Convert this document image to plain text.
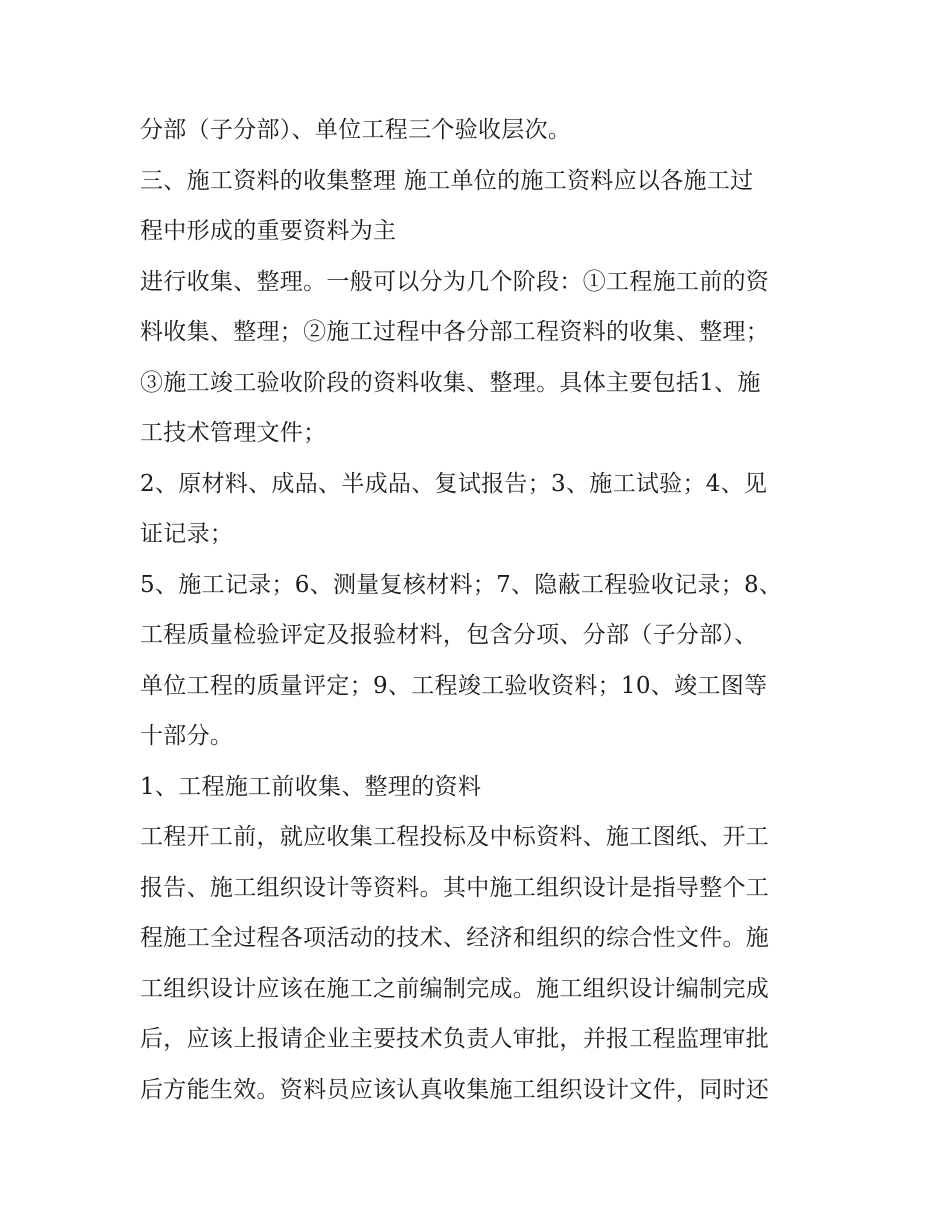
分部（子分部）、单位工程三个验收层次。
三、施工资料的收集整理 施工单位的施工资料应以各施工过
程中形成的重要资料为主
进行收集、整理。一般可以分为几个阶段：①工程施工前的资
料收集、整理；②施工过程中各分部工程资料的收集、整理；
③施工竣工验收阶段的资料收集、整理。具体主要包括1、施
工技术管理文件；
2、原材料、成品、半成品、复试报告；3、施工试验；4、见
证记录；
5、施工记录；6、测量复核材料；7、隐蔽工程验收记录；8、
工程质量检验评定及报验材料，包含分项、分部（子分部）、
单位工程的质量评定；9、工程竣工验收资料；10、竣工图等
十部分。
1、工程施工前收集、整理的资料
工程开工前，就应收集工程投标及中标资料、施工图纸、开工
报告、施工组织设计等资料。其中施工组织设计是指导整个工
程施工全过程各项活动的技术、经济和组织的综合性文件。施
工组织设计应该在施工之前编制完成。施工组织设计编制完成
后，应该上报请企业主要技术负责人审批，并报工程监理审批
后方能生效。资料员应该认真收集施工组织设计文件，同时还
